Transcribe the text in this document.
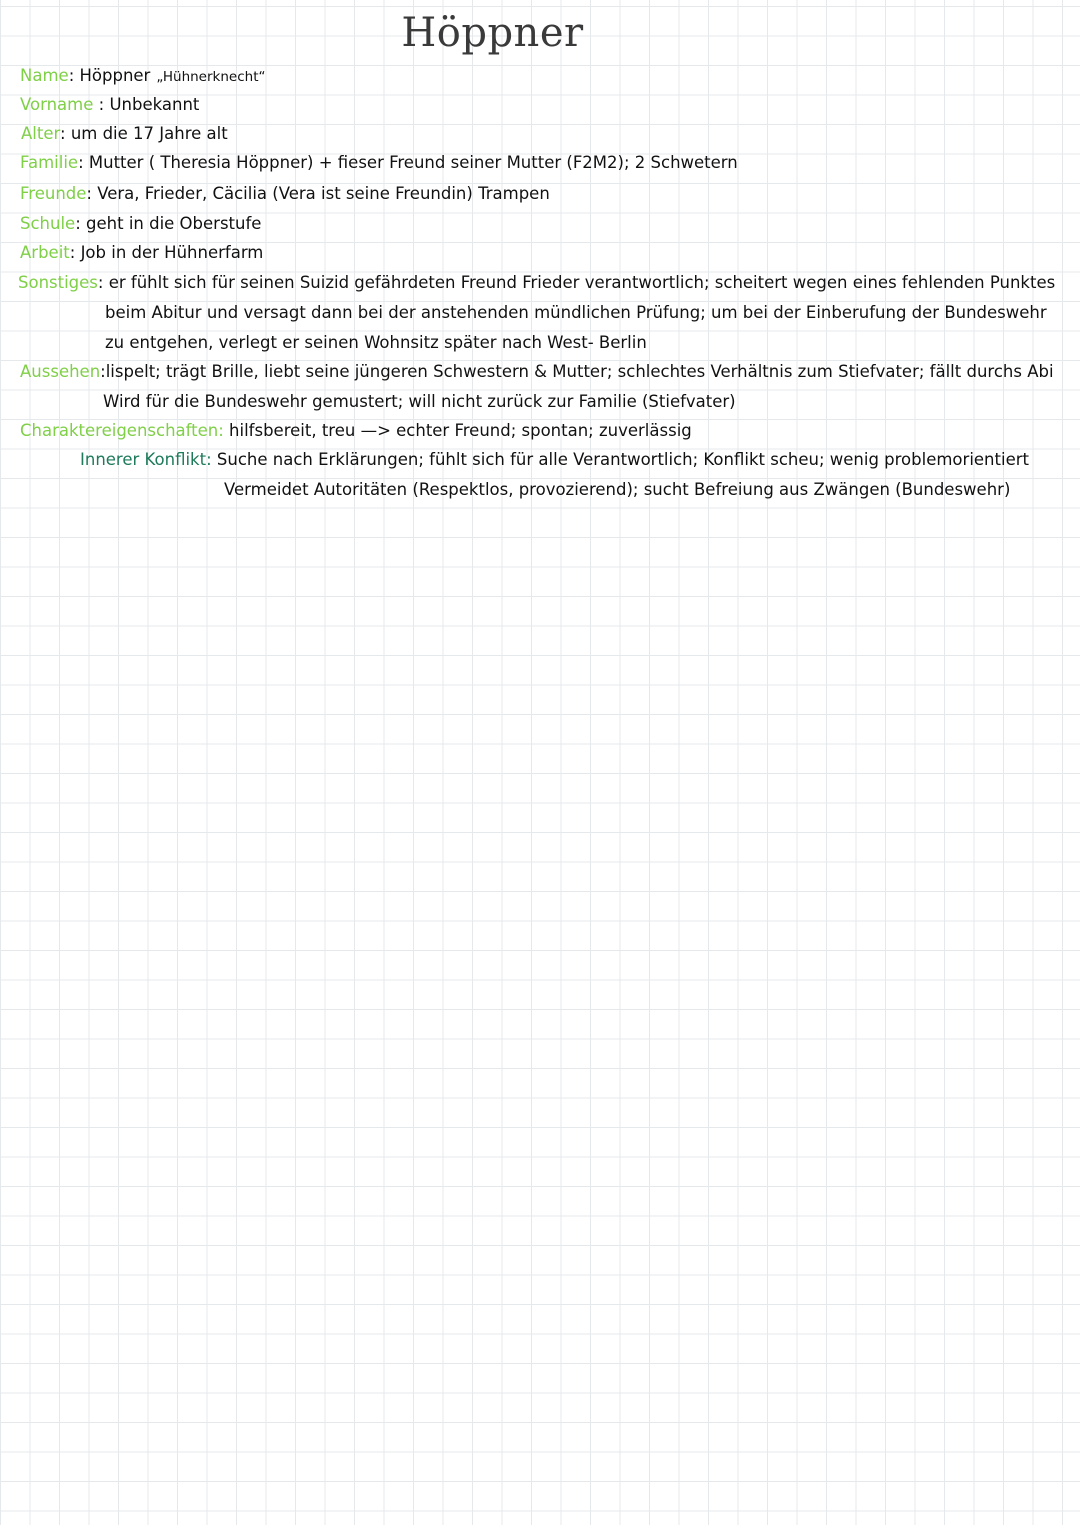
Höppner
Name: Höppner „Hühnerknecht“
Vorname : Unbekannt
Alter: um die 17 Jahre alt
Familie: Mutter ( Theresia Höppner) + fieser Freund seiner Mutter (F2M2); 2 Schwetern
Freunde: Vera, Frieder, Cäcilia (Vera ist seine Freundin) Trampen
Schule: geht in die Oberstufe
Arbeit: Job in der Hühnerfarm
Sonstiges: er fühlt sich für seinen Suizid gefährdeten Freund Frieder verantwortlich; scheitert wegen eines fehlenden Punktes
beim Abitur und versagt dann bei der anstehenden mündlichen Prüfung; um bei der Einberufung der Bundeswehr
zu entgehen, verlegt er seinen Wohnsitz später nach West- Berlin
Aussehen:lispelt; trägt Brille, liebt seine jüngeren Schwestern & Mutter; schlechtes Verhältnis zum Stiefvater; fällt durchs Abi
Wird für die Bundeswehr gemustert; will nicht zurück zur Familie (Stiefvater)
Charaktereigenschaften: hilfsbereit, treu —> echter Freund; spontan; zuverlässig
Innerer Konflikt: Suche nach Erklärungen; fühlt sich für alle Verantwortlich; Konflikt scheu; wenig problemorientiert
Vermeidet Autoritäten (Respektlos, provozierend); sucht Befreiung aus Zwängen (Bundeswehr)
